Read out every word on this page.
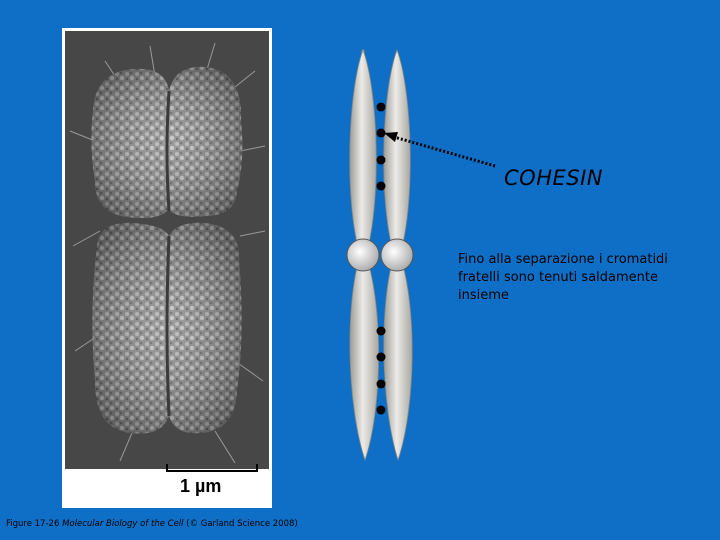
1 µm
COHESIN
Fino alla separazione i cromatidi fratelli sono tenuti saldamente insieme
Figure 17-26 Molecular Biology of the Cell (© Garland Science 2008)
